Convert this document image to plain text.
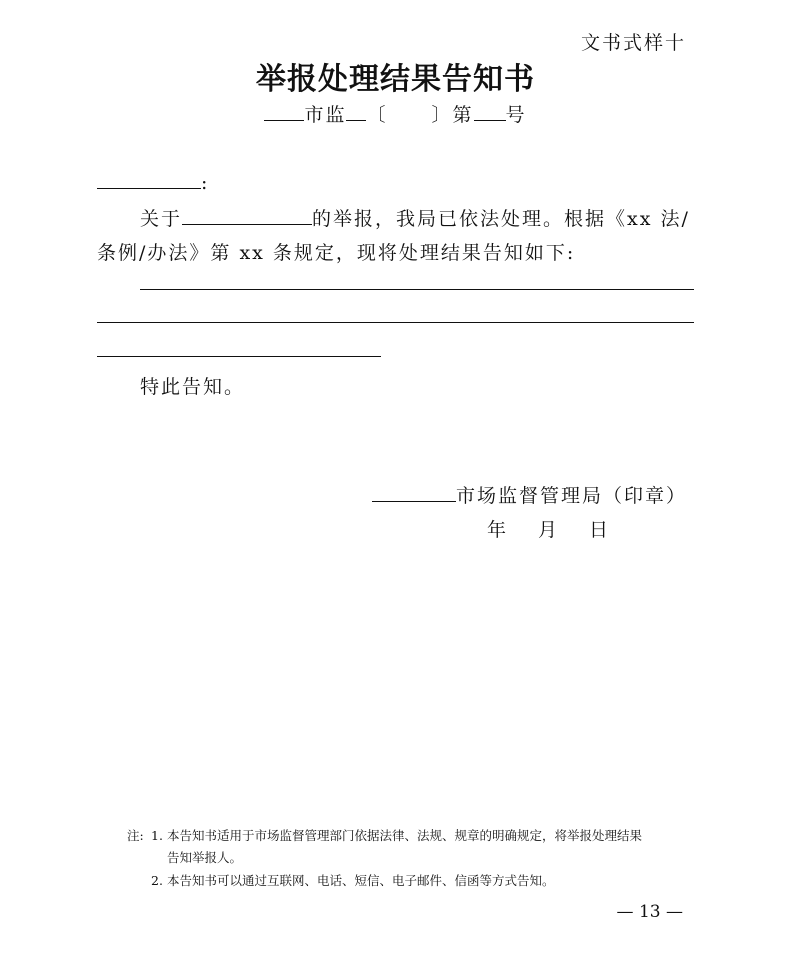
文书式样十
举报处理结果告知书
市监 〔 〕第 号
:
关于	的举报，我局已依法处理。根据《xx 法/
条例/办法》第 xx 条规定，现将处理结果告知如下:
特此告知。
市场监督管理局（印章）
年 月 日
注: 1. 本告知书适用于市场监督管理部门依据法律、法规、规章的明确规定，将举报处理结果
告知举报人。
2. 本告知书可以通过互联网、电话、短信、电子邮件、信函等方式告知。
— 13 —
